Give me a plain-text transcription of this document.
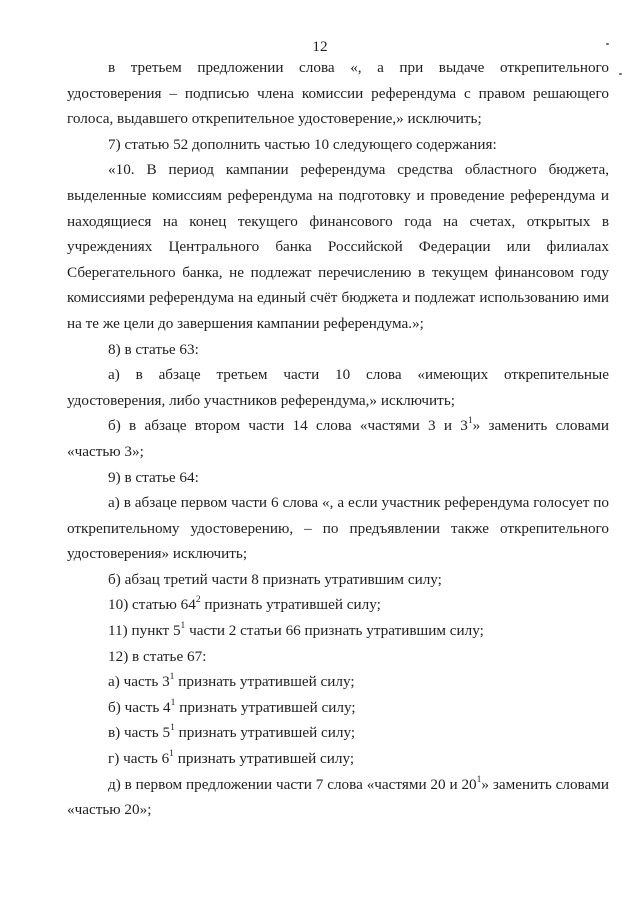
12

в третьем предложении слова «, а при выдаче открепительного удостоверения – подписью члена комиссии референдума с правом решающего голоса, выдавшего открепительное удостоверение,» исключить;

7) статью 52 дополнить частью 10 следующего содержания:

«10. В период кампании референдума средства областного бюджета, выделенные комиссиям референдума на подготовку и проведение референдума и находящиеся на конец текущего финансового года на счетах, открытых в учреждениях Центрального банка Российской Федерации или филиалах Сберегательного банка, не подлежат перечислению в текущем финансовом году комиссиями референдума на единый счёт бюджета и подлежат использованию ими на те же цели до завершения кампании референдума.»;

8) в статье 63:

а) в абзаце третьем части 10 слова «имеющих открепительные удостоверения, либо участников референдума,» исключить;

б) в абзаце втором части 14 слова «частями 3 и $3^1$» заменить словами «частью 3»;

9) в статье 64:

а) в абзаце первом части 6 слова «, а если участник референдума голосует по открепительному удостоверению, – по предъявлении также открепительного удостоверения» исключить;

б) абзац третий части 8 признать утратившим силу;

10) статью $64^2$ признать утратившей силу;

11) пункт $5^1$ части 2 статьи 66 признать утратившим силу;

12) в статье 67:

а) часть $3^1$ признать утратившей силу;

б) часть $4^1$ признать утратившей силу;

в) часть $5^1$ признать утратившей силу;

г) часть $6^1$ признать утратившей силу;

д) в первом предложении части 7 слова «частями 20 и $20^1$» заменить словами «частью 20»;
